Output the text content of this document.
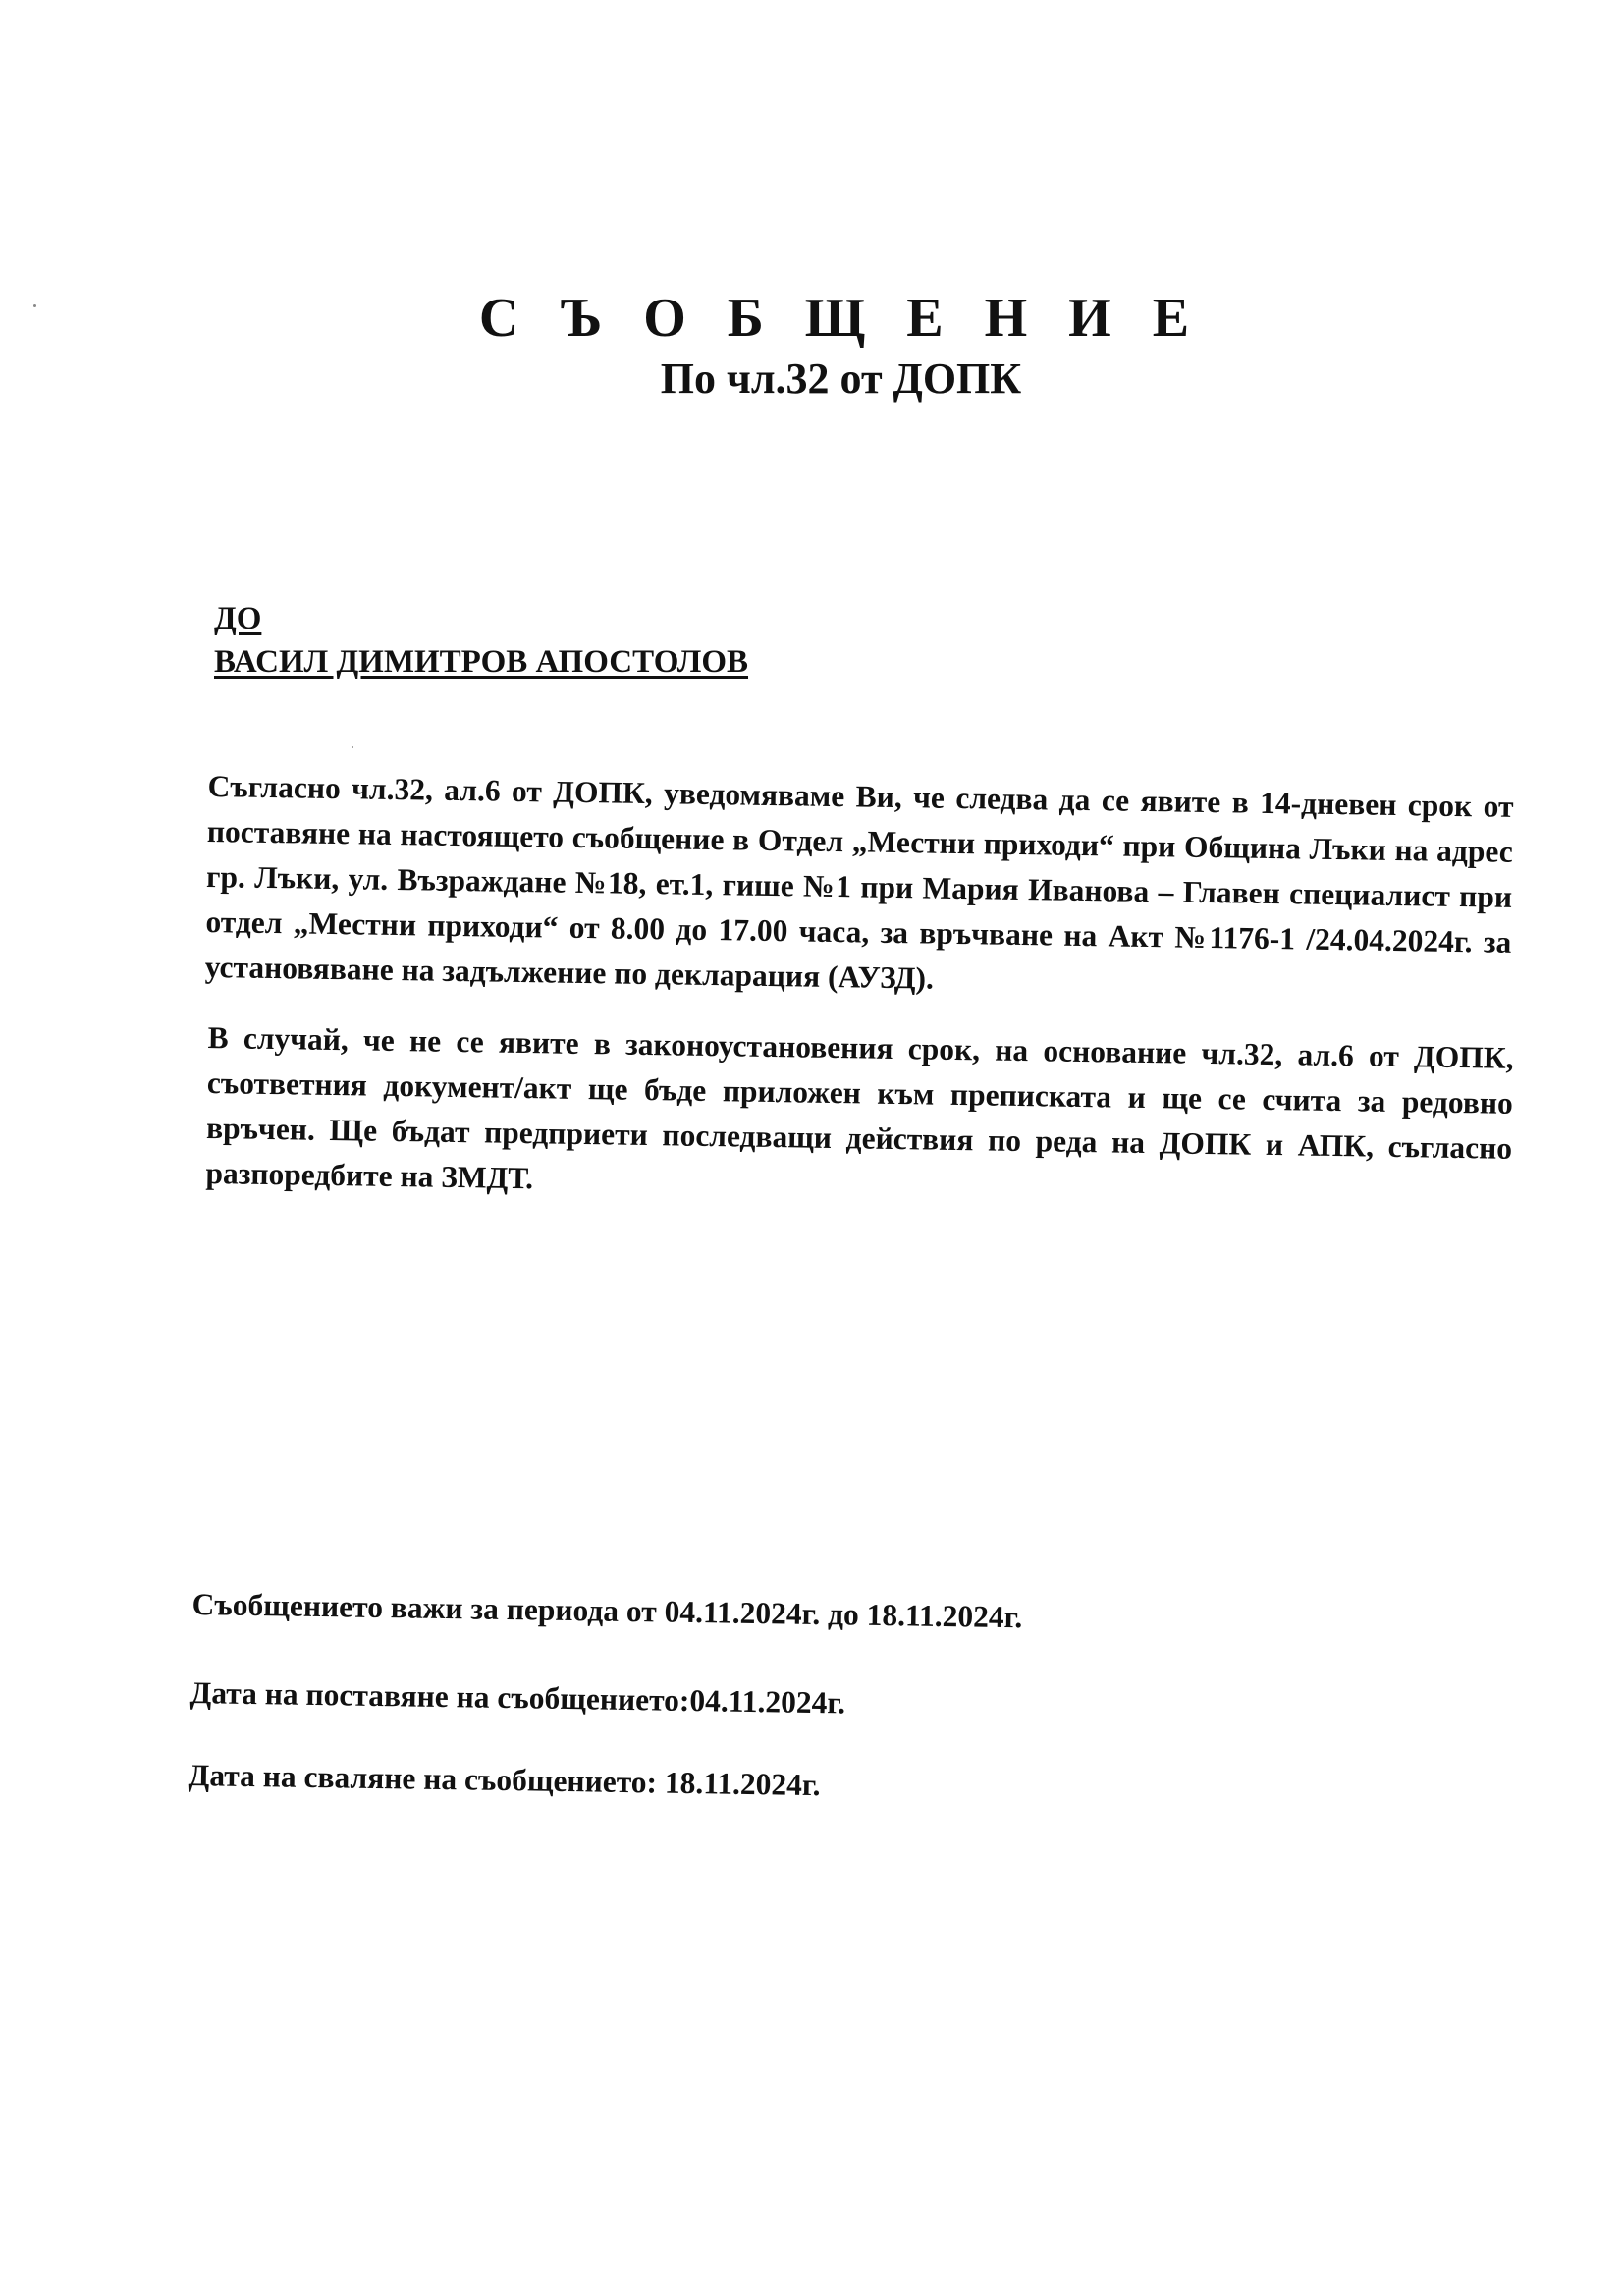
С Ъ О Б Щ Е Н И Е
По чл.32 от ДОПК
ДО
ВАСИЛ ДИМИТРОВ АПОСТОЛОВ

Съгласно чл.32, ал.6 от ДОПК, уведомяваме Ви, че следва да се явите в 14-дневен срок от поставяне на настоящето съобщение в Отдел „Местни приходи“ при Община Лъки на адрес гр. Лъки, ул. Възраждане №18, ет.1, гише №1 при Мария Иванова – Главен специалист при отдел „Местни приходи“ от 8.00 до 17.00 часа, за връчване на Акт №1176-1 /24.04.2024г. за установяване на задължение по декларация (АУЗД).

В случай, че не се явите в законоустановения срок, на основание чл.32, ал.6 от ДОПК, съответния документ/акт ще бъде приложен към преписката и ще се счита за редовно връчен. Ще бъдат предприети последващи действия по реда на ДОПК и АПК, съгласно разпоредбите на ЗМДТ.

Съобщението важи за периода от 04.11.2024г. до 18.11.2024г.
Дата на поставяне на съобщението:04.11.2024г.
Дата на сваляне на съобщението: 18.11.2024г.
